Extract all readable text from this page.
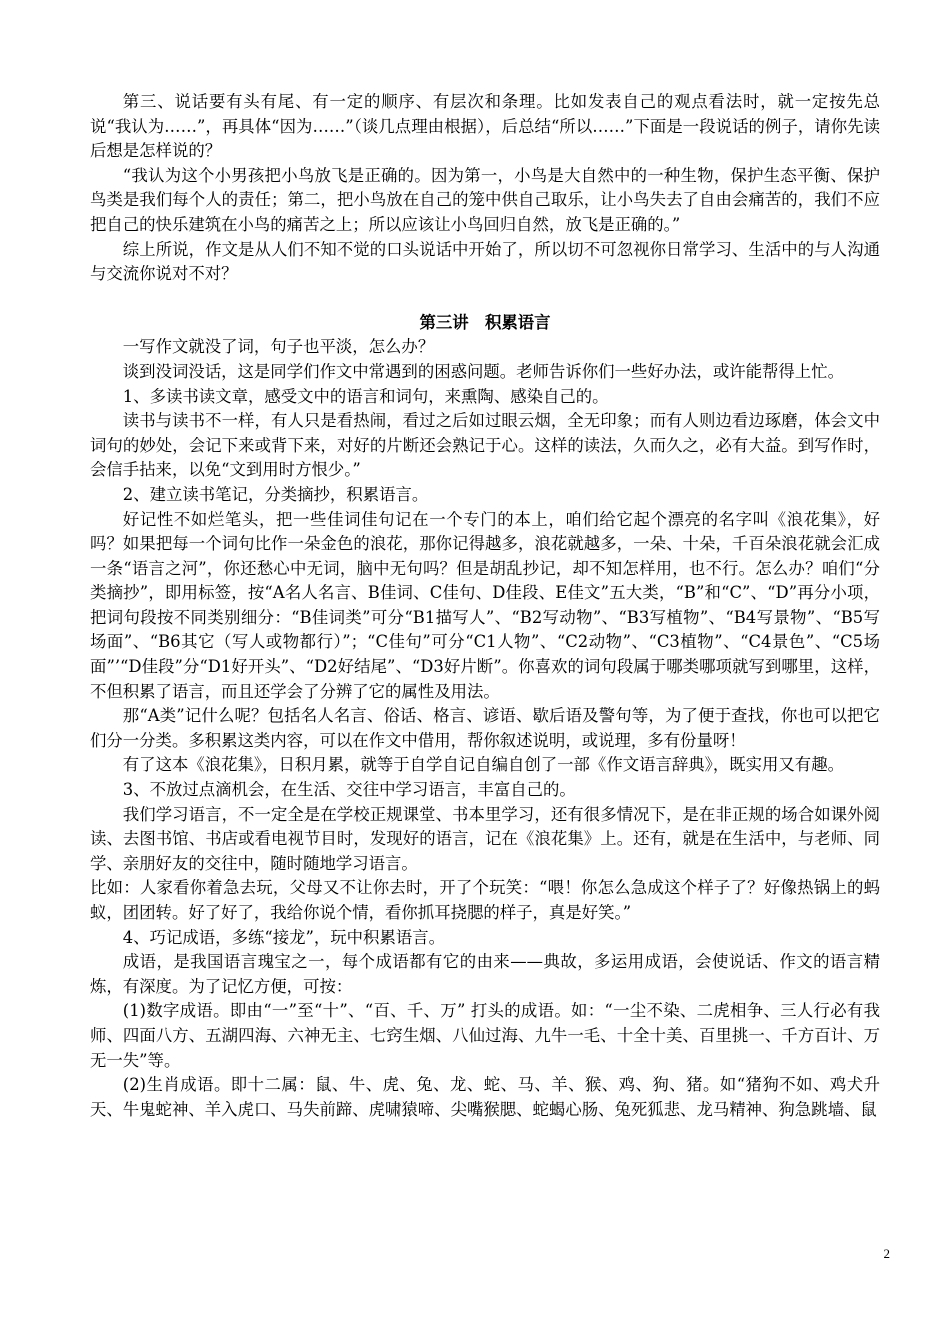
第三、说话要有头有尾、有一定的顺序、有层次和条理。比如发表自己的观点看法时，就一定按先总说“我认为……”，再具体“因为……”（谈几点理由根据），后总结“所以……”下面是一段说话的例子，请你先读后想是怎样说的？

“我认为这个小男孩把小鸟放飞是正确的。因为第一，小鸟是大自然中的一种生物，保护生态平衡、保护鸟类是我们每个人的责任；第二，把小鸟放在自己的笼中供自己取乐，让小鸟失去了自由会痛苦的，我们不应把自己的快乐建筑在小鸟的痛苦之上；所以应该让小鸟回归自然，放飞是正确的。”

综上所说，作文是从人们不知不觉的口头说话中开始了，所以切不可忽视你日常学习、生活中的与人沟通与交流你说对不对？

第三讲　积累语言

一写作文就没了词，句子也平淡，怎么办？

谈到没词没话，这是同学们作文中常遇到的困惑问题。老师告诉你们一些好办法，或许能帮得上忙。

1、多读书读文章，感受文中的语言和词句，来熏陶、感染自己的。

读书与读书不一样，有人只是看热闹，看过之后如过眼云烟，全无印象；而有人则边看边琢磨，体会文中词句的妙处，会记下来或背下来，对好的片断还会熟记于心。这样的读法，久而久之，必有大益。到写作时，会信手拈来，以免“文到用时方恨少。”

2、建立读书笔记，分类摘抄，积累语言。

好记性不如烂笔头，把一些佳词佳句记在一个专门的本上，咱们给它起个漂亮的名字叫《浪花集》，好吗？如果把每一个词句比作一朵金色的浪花，那你记得越多，浪花就越多，一朵、十朵，千百朵浪花就会汇成一条“语言之河”，你还愁心中无词，脑中无句吗？但是胡乱抄记，却不知怎样用，也不行。怎么办？咱们“分类摘抄”，即用标签，按“A名人名言、B佳词、C佳句、D佳段、E佳文”五大类，“B”和“C”、“D”再分小项，把词句段按不同类别细分：“B佳词类”可分“B1描写人”、“B2写动物”、“B3写植物”、“B4写景物”、“B5写场面”、“B6其它（写人或物都行）”；“C佳句”可分“C1人物”、“C2动物”、“C3植物”、“C4景色”、“C5场面”’“D佳段”分“D1好开头”、“D2好结尾”、“D3好片断”。你喜欢的词句段属于哪类哪项就写到哪里，这样，不但积累了语言，而且还学会了分辨了它的属性及用法。

那“A类”记什么呢？包括名人名言、俗话、格言、谚语、歇后语及警句等，为了便于查找，你也可以把它们分一分类。多积累这类内容，可以在作文中借用，帮你叙述说明，或说理，多有份量呀！

有了这本《浪花集》，日积月累，就等于自学自记自编自创了一部《作文语言辞典》，既实用又有趣。

3、不放过点滴机会，在生活、交往中学习语言，丰富自己的。

我们学习语言，不一定全是在学校正规课堂、书本里学习，还有很多情况下，是在非正规的场合如课外阅读、去图书馆、书店或看电视节目时，发现好的语言，记在《浪花集》上。还有，就是在生活中，与老师、同学、亲朋好友的交往中，随时随地学习语言。

比如：人家看你着急去玩，父母又不让你去时，开了个玩笑：“喂！你怎么急成这个样子了？好像热锅上的蚂蚁，团团转。好了好了，我给你说个情，看你抓耳挠腮的样子，真是好笑。”

4、巧记成语，多练“接龙”，玩中积累语言。

成语，是我国语言瑰宝之一，每个成语都有它的由来——典故，多运用成语，会使说话、作文的语言精炼，有深度。为了记忆方便，可按：

(1)数字成语。即由“一”至“十”、“百、千、万” 打头的成语。如：“一尘不染、二虎相争、三人行必有我师、四面八方、五湖四海、六神无主、七窍生烟、八仙过海、九牛一毛、十全十美、百里挑一、千方百计、万无一失”等。

(2)生肖成语。即十二属：鼠、牛、虎、兔、龙、蛇、马、羊、猴、鸡、狗、猪。如“猪狗不如、鸡犬升天、牛鬼蛇神、羊入虎口、马失前蹄、虎啸猿啼、尖嘴猴腮、蛇蝎心肠、兔死狐悲、龙马精神、狗急跳墙、鼠

2
